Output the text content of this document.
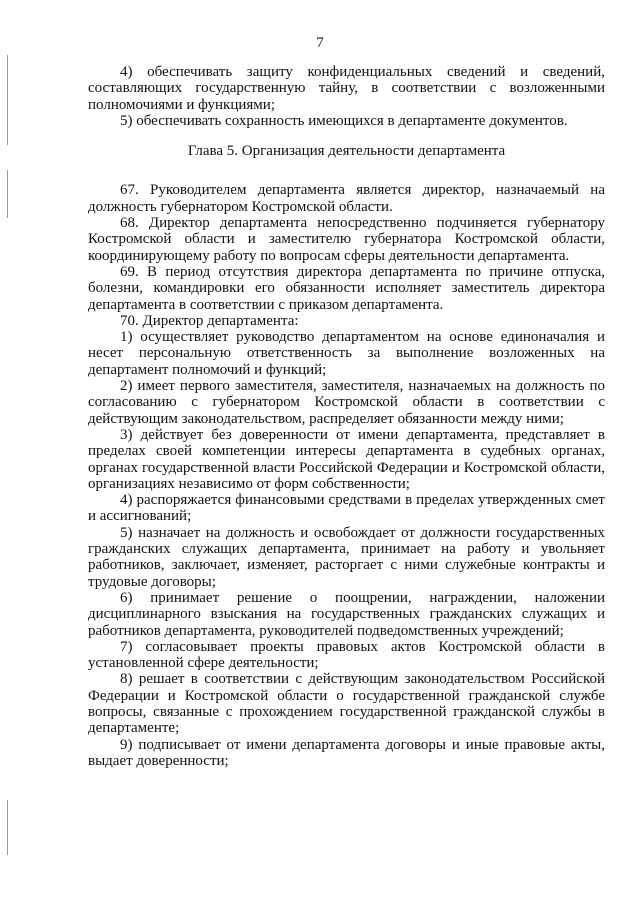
7

4) обеспечивать защиту конфиденциальных сведений и сведений, составляющих государственную тайну, в соответствии с возложенными полномочиями и функциями;

5) обеспечивать сохранность имеющихся в департаменте документов.

Глава 5. Организация деятельности департамента

67. Руководителем департамента является директор, назначаемый на должность губернатором Костромской области.

68. Директор департамента непосредственно подчиняется губернатору Костромской области и заместителю губернатора Костромской области, координирующему работу по вопросам сферы деятельности департамента.

69. В период отсутствия директора департамента по причине отпуска, болезни, командировки его обязанности исполняет заместитель директора департамента в соответствии с приказом департамента.

70. Директор департамента:

1) осуществляет руководство департаментом на основе единоначалия и несет персональную ответственность за выполнение возложенных на департамент полномочий и функций;

2) имеет первого заместителя, заместителя, назначаемых на должность по согласованию с губернатором Костромской области в соответствии с действующим законодательством, распределяет обязанности между ними;

3) действует без доверенности от имени департамента, представляет в пределах своей компетенции интересы департамента в судебных органах, органах государственной власти Российской Федерации и Костромской области, организациях независимо от форм собственности;

4) распоряжается финансовыми средствами в пределах утвержденных смет и ассигнований;

5) назначает на должность и освобождает от должности государственных гражданских служащих департамента, принимает на работу и увольняет работников, заключает, изменяет, расторгает с ними служебные контракты и трудовые договоры;

6) принимает решение о поощрении, награждении, наложении дисциплинарного взыскания на государственных гражданских служащих и работников департамента, руководителей подведомственных учреждений;

7) согласовывает проекты правовых актов Костромской области в установленной сфере деятельности;

8) решает в соответствии с действующим законодательством Российской Федерации и Костромской области о государственной гражданской службе вопросы, связанные с прохождением государственной гражданской службы в департаменте;

9) подписывает от имени департамента договоры и иные правовые акты, выдает доверенности;
